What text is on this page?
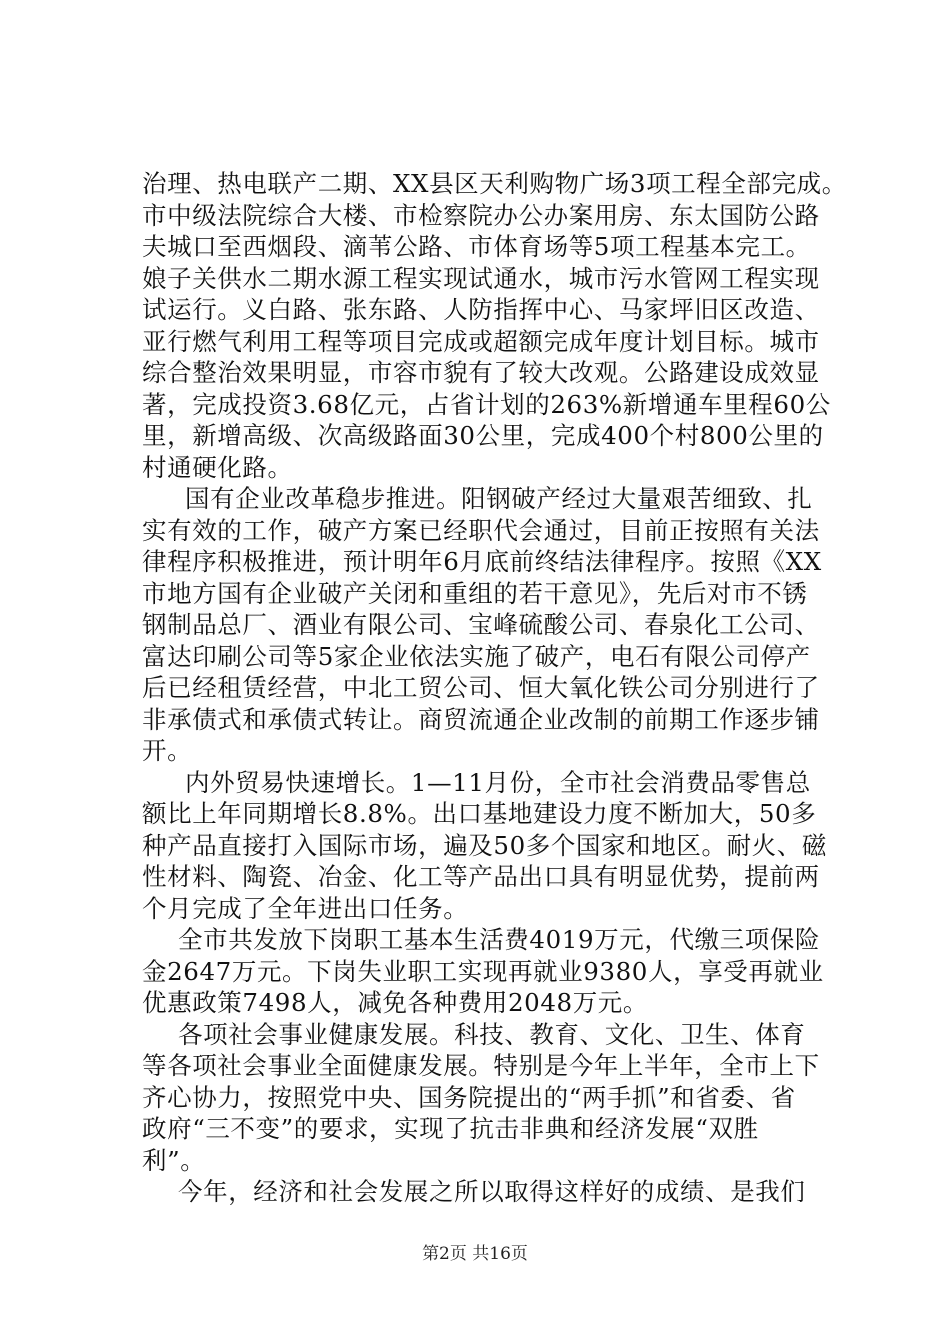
治理、热电联产二期、XX县区天利购物广场3项工程全部完成。
市中级法院综合大楼、市检察院办公办案用房、东太国防公路
夫城口至西烟段、滴苇公路、市体育场等5项工程基本完工。
娘子关供水二期水源工程实现试通水，城市污水管网工程实现
试运行。义白路、张东路、人防指挥中心、马家坪旧区改造、
亚行燃气利用工程等项目完成或超额完成年度计划目标。城市
综合整治效果明显，市容市貌有了较大改观。公路建设成效显
著，完成投资3.68亿元，占省计划的263%新增通车里程60公
里，新增高级、次高级路面30公里，完成400个村800公里的
村通硬化路。
国有企业改革稳步推进。阳钢破产经过大量艰苦细致、扎
实有效的工作，破产方案已经职代会通过，目前正按照有关法
律程序积极推进，预计明年6月底前终结法律程序。按照《XX
市地方国有企业破产关闭和重组的若干意见》，先后对市不锈
钢制品总厂、酒业有限公司、宝峰硫酸公司、春泉化工公司、
富达印刷公司等5家企业依法实施了破产，电石有限公司停产
后已经租赁经营，中北工贸公司、恒大氧化铁公司分别进行了
非承债式和承债式转让。商贸流通企业改制的前期工作逐步铺
开。
内外贸易快速增长。1—11月份，全市社会消费品零售总
额比上年同期增长8.8%。出口基地建设力度不断加大，50多
种产品直接打入国际市场，遍及50多个国家和地区。耐火、磁
性材料、陶瓷、冶金、化工等产品出口具有明显优势，提前两
个月完成了全年进出口任务。
全市共发放下岗职工基本生活费4019万元，代缴三项保险
金2647万元。下岗失业职工实现再就业9380人，享受再就业
优惠政策7498人，减免各种费用2048万元。
各项社会事业健康发展。科技、教育、文化、卫生、体育
等各项社会事业全面健康发展。特别是今年上半年，全市上下
齐心协力，按照党中央、国务院提出的“两手抓”和省委、省
政府“三不变”的要求，实现了抗击非典和经济发展“双胜
利”。
今年，经济和社会发展之所以取得这样好的成绩、是我们
第2页 共16页
